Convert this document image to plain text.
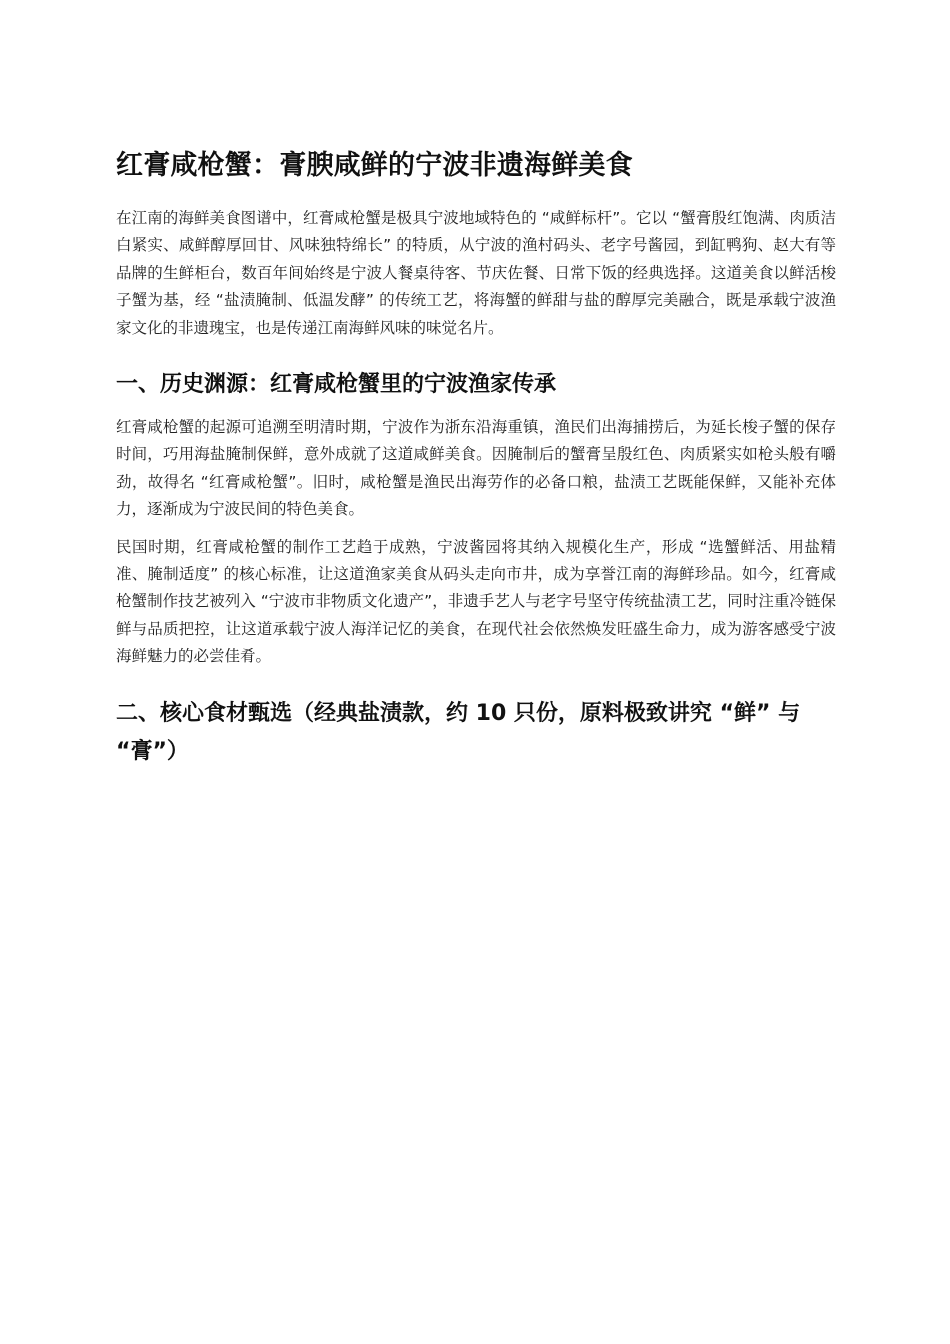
红膏咸枪蟹：膏腴咸鲜的宁波非遗海鲜美食

在江南的海鲜美食图谱中，红膏咸枪蟹是极具宁波地域特色的 “咸鲜标杆”。它以 “蟹膏殷红饱满、肉质洁白紧实、咸鲜醇厚回甘、风味独特绵长” 的特质，从宁波的渔村码头、老字号酱园，到缸鸭狗、赵大有等品牌的生鲜柜台，数百年间始终是宁波人餐桌待客、节庆佐餐、日常下饭的经典选择。这道美食以鲜活梭子蟹为基，经 “盐渍腌制、低温发酵” 的传统工艺，将海蟹的鲜甜与盐的醇厚完美融合，既是承载宁波渔家文化的非遗瑰宝，也是传递江南海鲜风味的味觉名片。

一、历史渊源：红膏咸枪蟹里的宁波渔家传承

红膏咸枪蟹的起源可追溯至明清时期，宁波作为浙东沿海重镇，渔民们出海捕捞后，为延长梭子蟹的保存时间，巧用海盐腌制保鲜，意外成就了这道咸鲜美食。因腌制后的蟹膏呈殷红色、肉质紧实如枪头般有嚼劲，故得名 “红膏咸枪蟹”。旧时，咸枪蟹是渔民出海劳作的必备口粮，盐渍工艺既能保鲜，又能补充体力，逐渐成为宁波民间的特色美食。

民国时期，红膏咸枪蟹的制作工艺趋于成熟，宁波酱园将其纳入规模化生产，形成 “选蟹鲜活、用盐精准、腌制适度” 的核心标准，让这道渔家美食从码头走向市井，成为享誉江南的海鲜珍品。如今，红膏咸枪蟹制作技艺被列入 “宁波市非物质文化遗产”，非遗手艺人与老字号坚守传统盐渍工艺，同时注重冷链保鲜与品质把控，让这道承载宁波人海洋记忆的美食，在现代社会依然焕发旺盛生命力，成为游客感受宁波海鲜魅力的必尝佳肴。

二、核心食材甄选（经典盐渍款，约 10 只份，原料极致讲究 “鲜” 与 “膏”）
